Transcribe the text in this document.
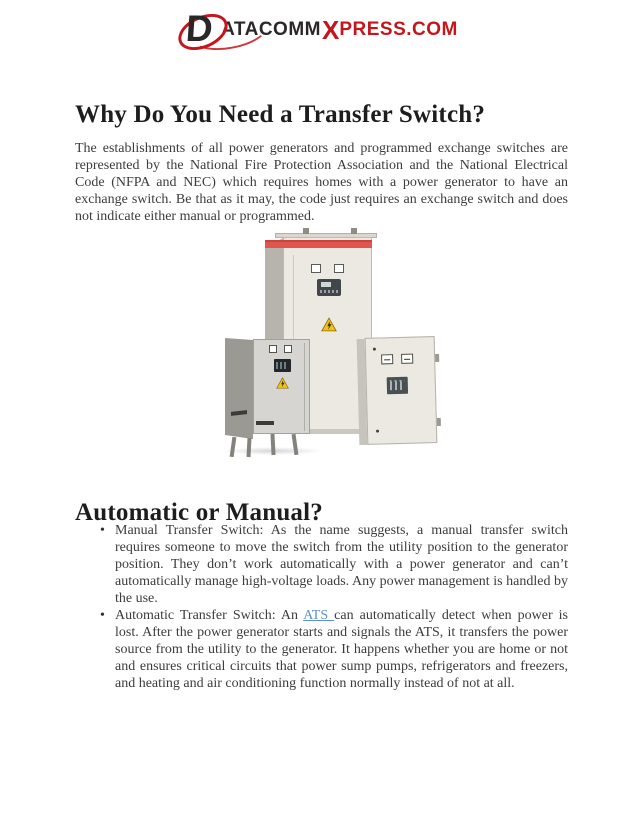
D ATACOMM X PRESS.COM
Why Do You Need a Transfer Switch?

The establishments of all power generators and programmed exchange switches are represented by the National Fire Protection Association and the National Electrical Code (NFPA and NEC) which requires homes with a power generator to have an exchange switch. Be that as it may, the code just requires an exchange switch and does not indicate either manual or programmed.

Automatic or Manual?
• Manual Transfer Switch: As the name suggests, a manual transfer switch requires someone to move the switch from the utility position to the generator position. They don’t work automatically with a power generator and can’t automatically manage high-voltage loads. Any power management is handled by the use.
• Automatic Transfer Switch: An ATS can automatically detect when power is lost. After the power generator starts and signals the ATS, it transfers the power source from the utility to the generator. It happens whether you are home or not and ensures critical circuits that power sump pumps, refrigerators and freezers, and heating and air conditioning function normally instead of not at all.
